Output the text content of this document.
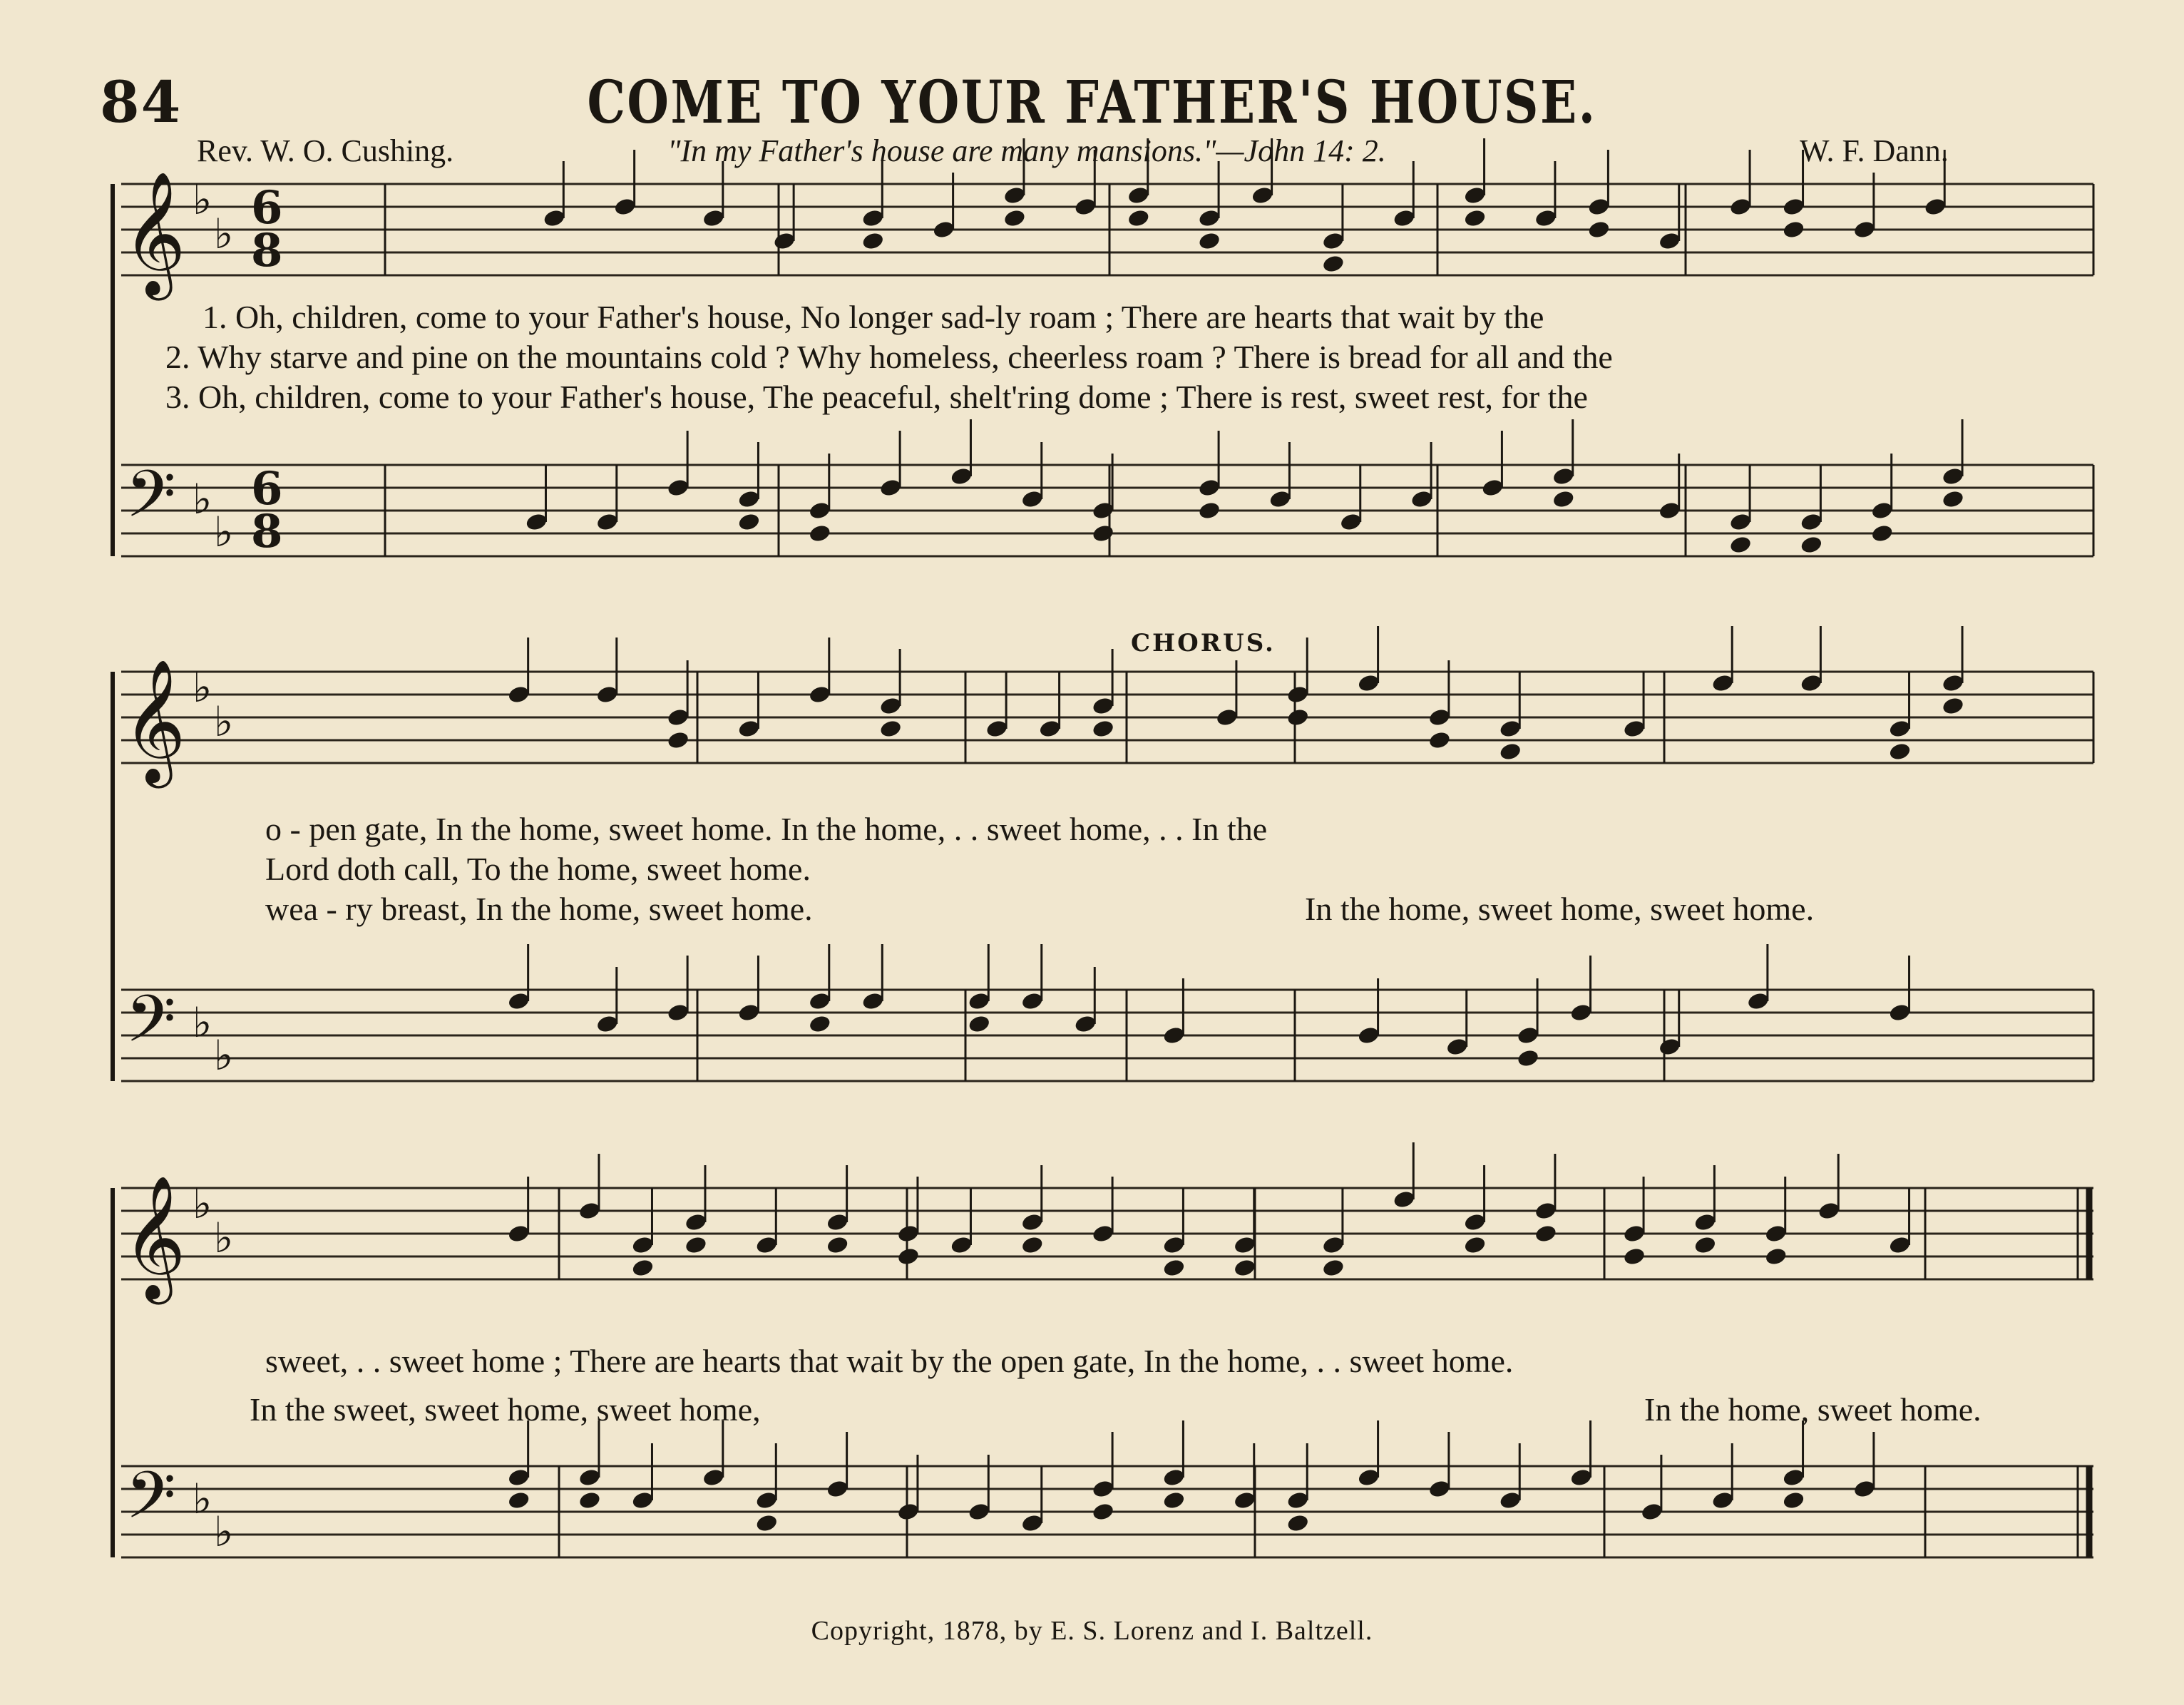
84	COME TO YOUR FATHER'S HOUSE.
Rev. W. O. Cushing.	"In my Father's house are many mansions."—John 14: 2.	W. F. Dann.
𝄞
𝄢
𝄞
𝄢
𝄞
𝄢
♭
♭
♭
♭
♭
♭
♭
♭
♭
♭
♭
♭
6
8
6
8
1. Oh, children, come to your Father's house, No longer sad-ly roam ; There are hearts that wait by the
2. Why starve and pine on the mountains cold ? Why homeless, cheerless roam ? There is bread for all and the
3. Oh, children, come to your Father's house, The peaceful, shelt'ring dome ; There is rest, sweet rest, for the
CHORUS.
o - pen gate, In the home, sweet home. In the home, . . sweet home, . . In the
Lord doth call, To the home, sweet home.
wea - ry breast, In the home, sweet home.	In the home, sweet home, sweet home.
sweet, . . sweet home ; There are hearts that wait by the open gate, In the home, . . sweet home.
In the sweet, sweet home, sweet home,	In the home, sweet home.
Copyright, 1878, by E. S. Lorenz and I. Baltzell.
